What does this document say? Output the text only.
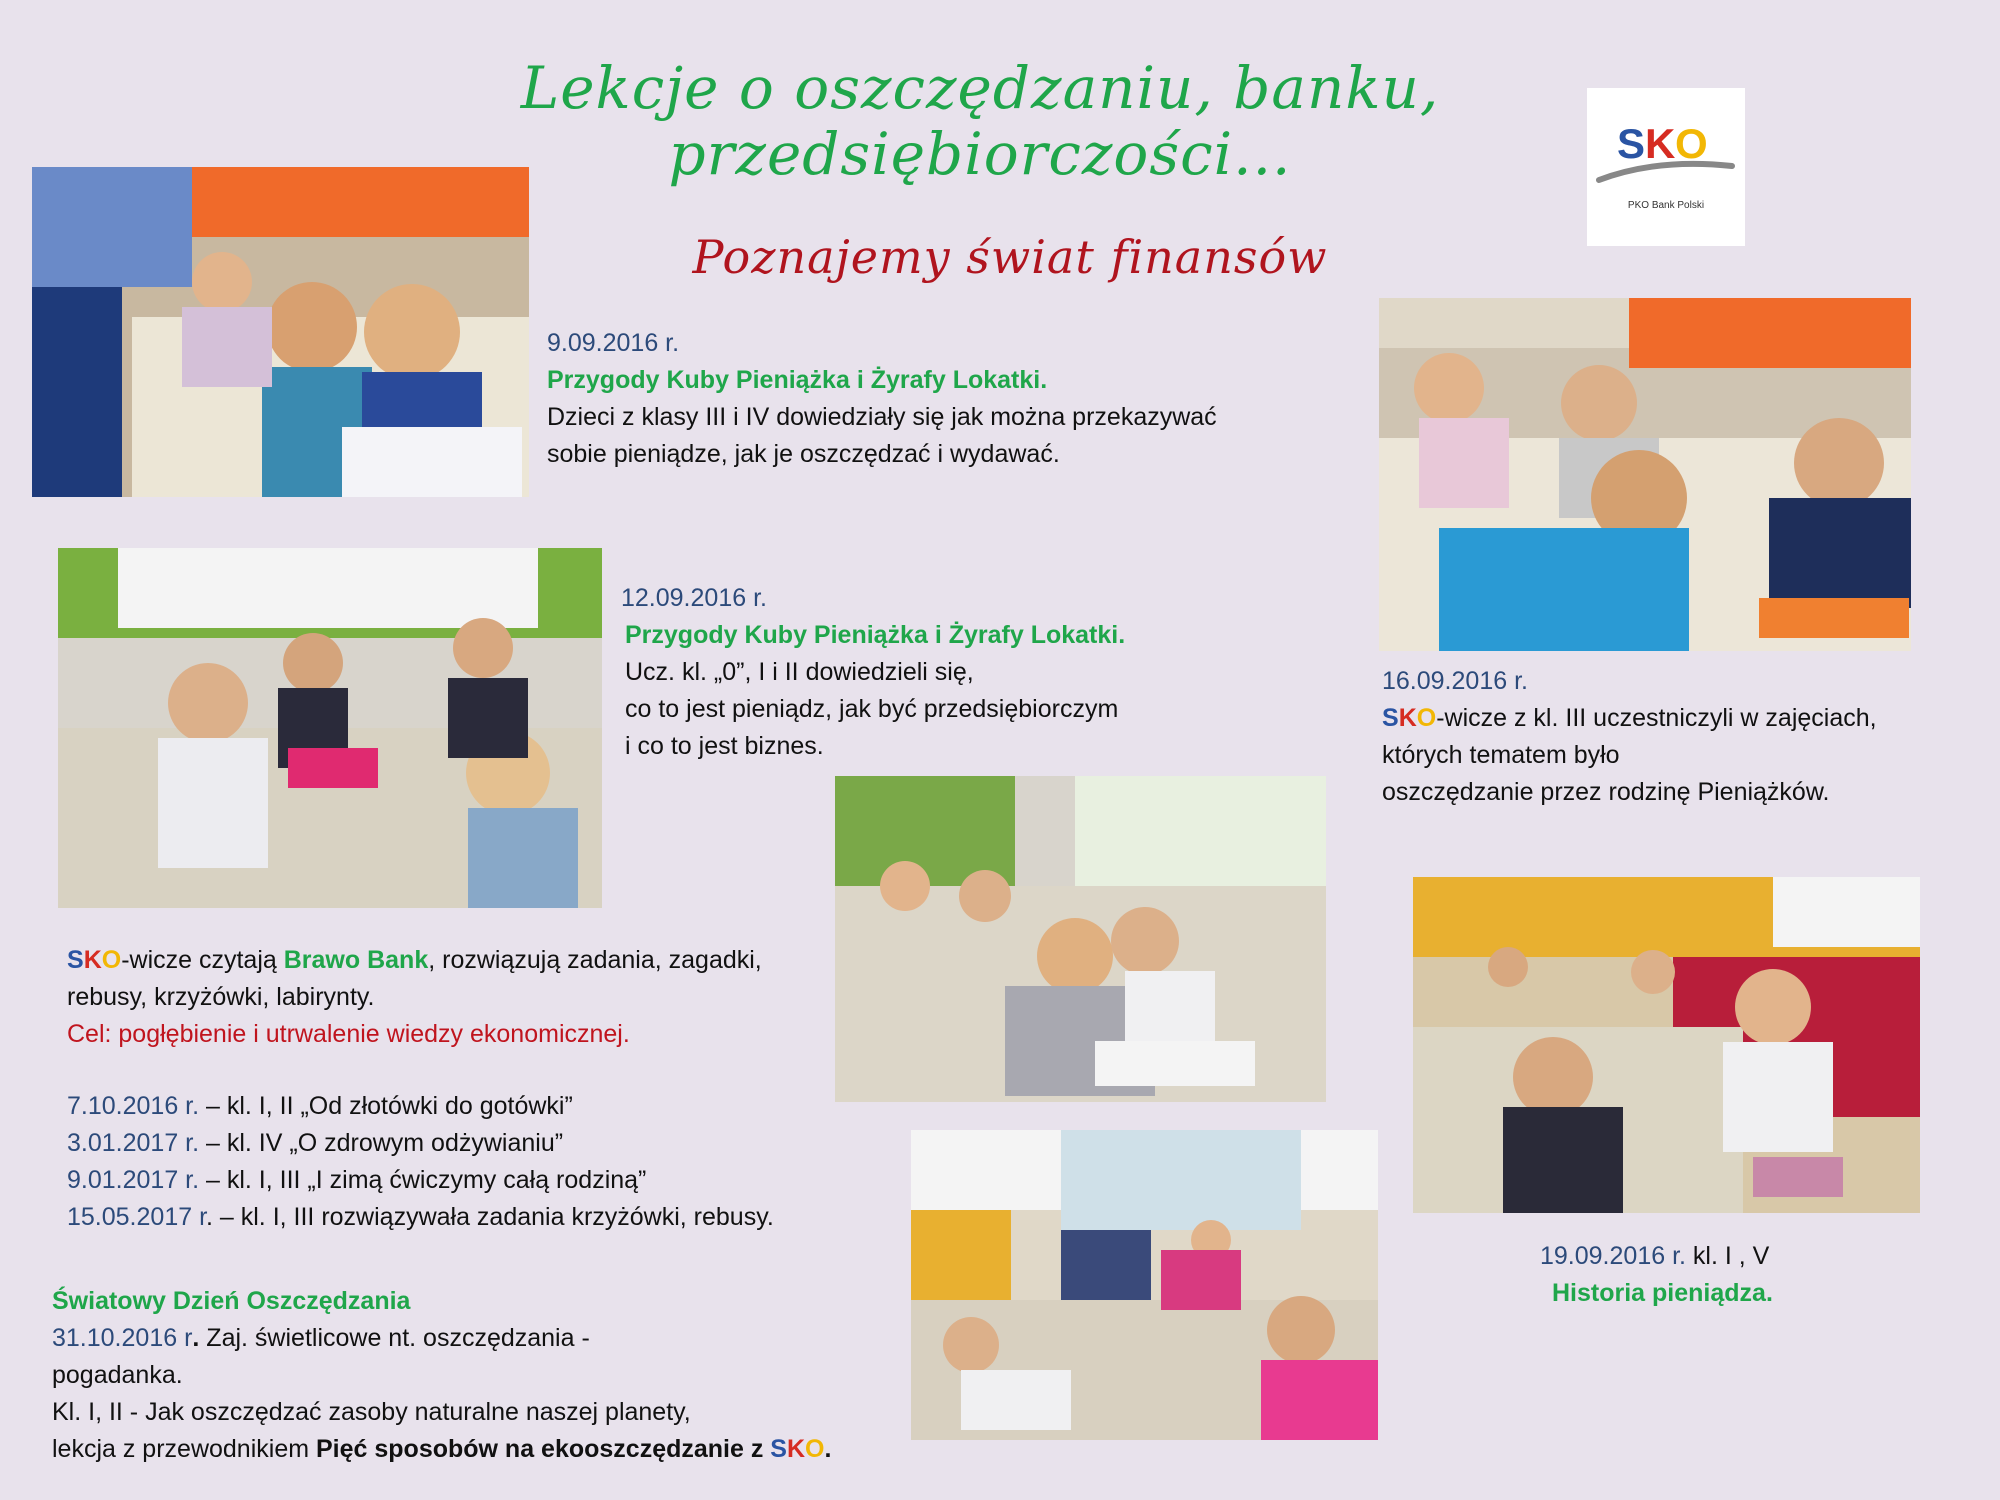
Lekcje o oszczędzaniu, banku,
przedsiębiorczości...
Poznajemy świat finansów
S K O
PKO Bank Polski
9.09.2016 r.
Przygody Kuby Pieniążka i Żyrafy Lokatki.
Dzieci z klasy III i IV dowiedziały się jak można przekazywać
sobie pieniądze, jak je oszczędzać i wydawać.
12.09.2016 r.
Przygody Kuby Pieniążka i Żyrafy Lokatki.
Ucz. kl. „0”, I i II dowiedzieli się,
co to jest pieniądz, jak być przedsiębiorczym
i co to jest biznes.
16.09.2016 r.
SKO-wicze z kl. III uczestniczyli w zajęciach,
których tematem było
oszczędzanie przez rodzinę Pieniążków.
SKO-wicze czytają Brawo Bank, rozwiązują zadania, zagadki,
rebusy, krzyżówki, labirynty.
Cel: pogłębienie i utrwalenie wiedzy ekonomicznej.
7.10.2016 r. – kl. I, II „Od złotówki do gotówki”
3.01.2017 r. – kl. IV „O zdrowym odżywianiu”
9.01.2017 r. – kl. I, III „I zimą ćwiczymy całą rodziną”
15.05.2017 r. – kl. I, III rozwiązywała zadania krzyżówki, rebusy.
Światowy Dzień Oszczędzania
31.10.2016 r. Zaj. świetlicowe nt. oszczędzania -
pogadanka.
Kl. I, II - Jak oszczędzać zasoby naturalne naszej planety,
lekcja z przewodnikiem Pięć sposobów na ekooszczędzanie z SKO.
19.09.2016 r. kl. I , V
Historia pieniądza.
